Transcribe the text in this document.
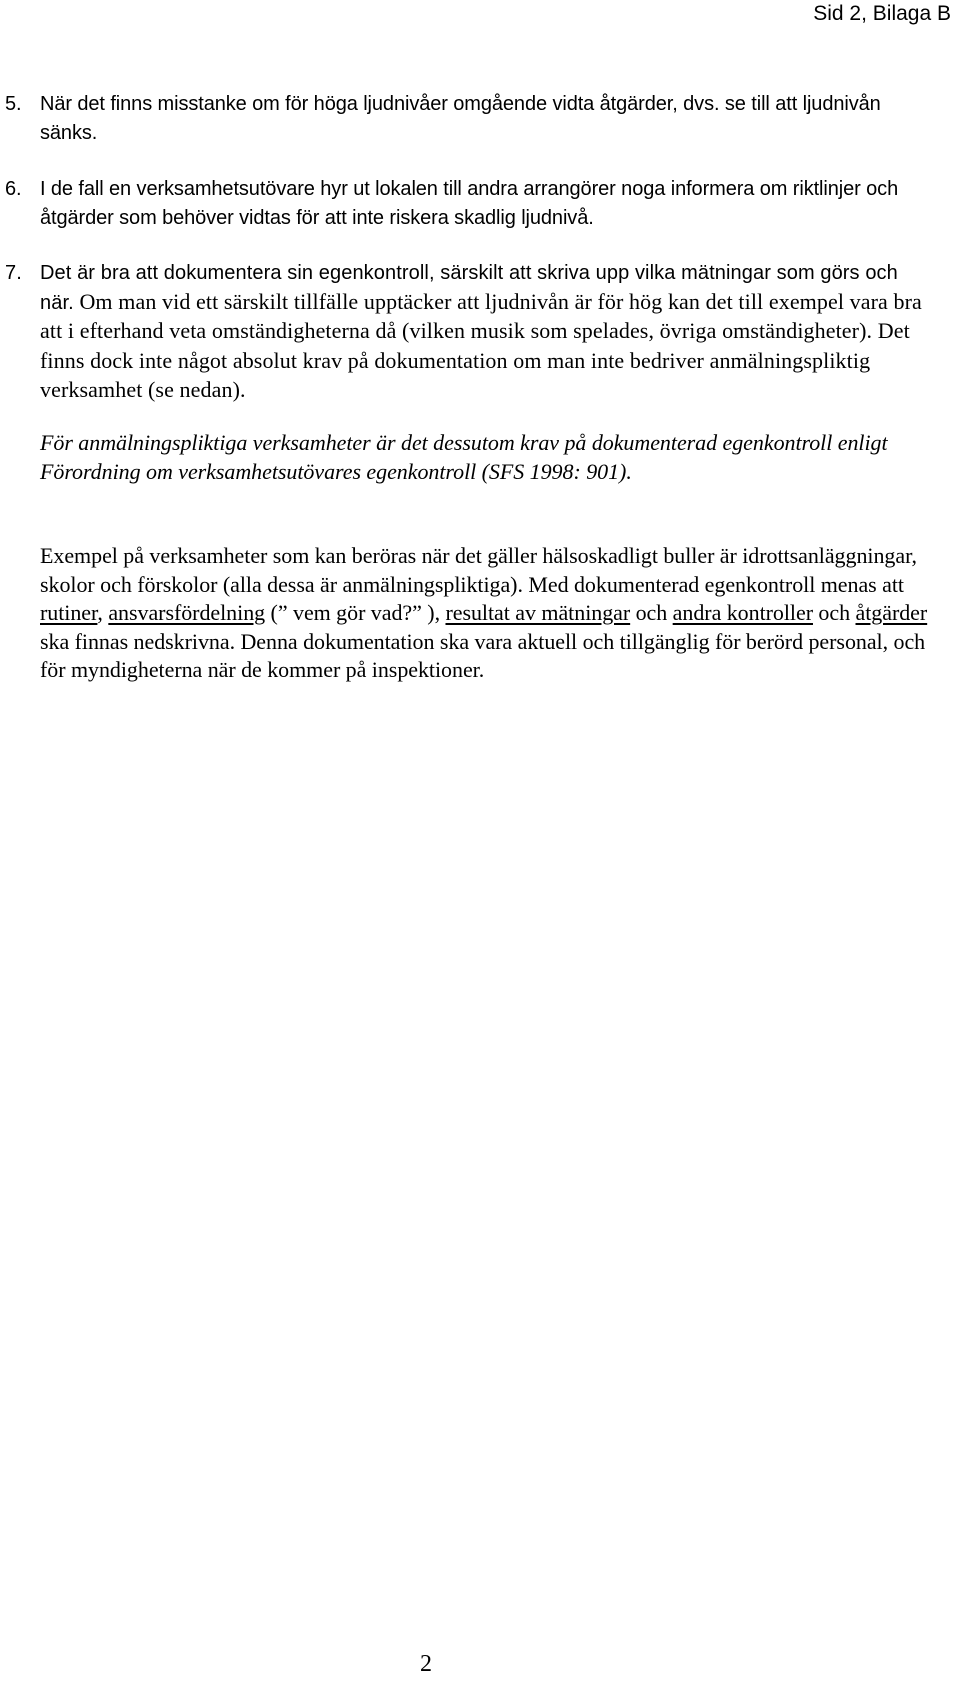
Sid 2, Bilaga B
5. När det finns misstanke om för höga ljudnivåer omgående vidta åtgärder, dvs. se till att ljudnivån sänks.
6. I de fall en verksamhetsutövare hyr ut lokalen till andra arrangörer noga informera om riktlinjer och åtgärder som behöver vidtas för att inte riskera skadlig ljudnivå.
7. Det är bra att dokumentera sin egenkontroll, särskilt att skriva upp vilka mätningar som görs och när. Om man vid ett särskilt tillfälle upptäcker att ljudnivån är för hög kan det till exempel vara bra att i efterhand veta omständigheterna då (vilken musik som spelades, övriga omständigheter). Det finns dock inte något absolut krav på dokumentation om man inte bedriver anmälningspliktig verksamhet (se nedan).
För anmälningspliktiga verksamheter är det dessutom krav på dokumenterad egenkontroll enligt Förordning om verksamhetsutövares egenkontroll (SFS 1998: 901).
Exempel på verksamheter som kan beröras när det gäller hälsoskadligt buller är idrottsanläggningar, skolor och förskolor (alla dessa är anmälningspliktiga). Med dokumenterad egenkontroll menas att rutiner, ansvarsfördelning (” vem gör vad?” ), resultat av mätningar och andra kontroller och åtgärder ska finnas nedskrivna. Denna dokumentation ska vara aktuell och tillgänglig för berörd personal, och för myndigheterna när de kommer på inspektioner.
2
